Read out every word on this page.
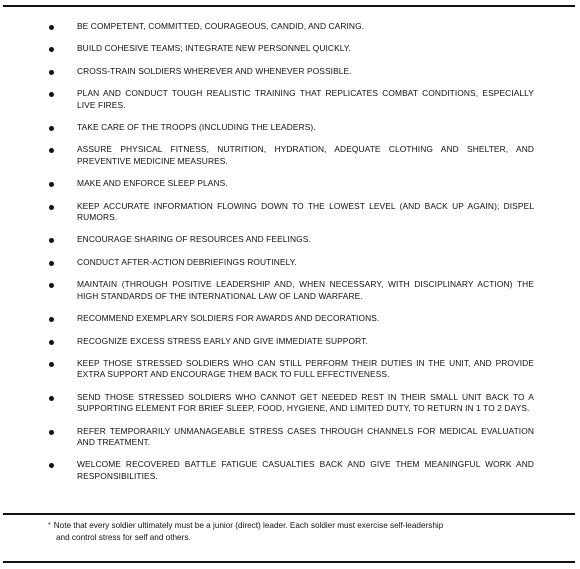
BE COMPETENT, COMMITTED, COURAGEOUS, CANDID, AND CARING.
BUILD COHESIVE TEAMS; INTEGRATE NEW PERSONNEL QUICKLY.
CROSS-TRAIN SOLDIERS WHEREVER AND WHENEVER POSSIBLE.
PLAN AND CONDUCT TOUGH REALISTIC TRAINING THAT REPLICATES COMBAT CONDITIONS, ESPECIALLY LIVE FIRES.
TAKE CARE OF THE TROOPS (INCLUDING THE LEADERS).
ASSURE PHYSICAL FITNESS, NUTRITION, HYDRATION, ADEQUATE CLOTHING AND SHELTER, AND PREVENTIVE MEDICINE MEASURES.
MAKE AND ENFORCE SLEEP PLANS.
KEEP ACCURATE INFORMATION FLOWING DOWN TO THE LOWEST LEVEL (AND BACK UP AGAIN); DISPEL RUMORS.
ENCOURAGE SHARING OF RESOURCES AND FEELINGS.
CONDUCT AFTER-ACTION DEBRIEFINGS ROUTINELY.
MAINTAIN (THROUGH POSITIVE LEADERSHIP AND, WHEN NECESSARY, WITH DISCIPLINARY ACTION) THE HIGH STANDARDS OF THE INTERNATIONAL LAW OF LAND WARFARE.
RECOMMEND EXEMPLARY SOLDIERS FOR AWARDS AND DECORATIONS.
RECOGNIZE EXCESS STRESS EARLY AND GIVE IMMEDIATE SUPPORT.
KEEP THOSE STRESSED SOLDIERS WHO CAN STILL PERFORM THEIR DUTIES IN THE UNIT, AND PROVIDE EXTRA SUPPORT AND ENCOURAGE THEM BACK TO FULL EFFECTIVENESS.
SEND THOSE STRESSED SOLDIERS WHO CANNOT GET NEEDED REST IN THEIR SMALL UNIT BACK TO A SUPPORTING ELEMENT FOR BRIEF SLEEP, FOOD, HYGIENE, AND LIMITED DUTY, TO RETURN IN 1 TO 2 DAYS.
REFER TEMPORARILY UNMANAGEABLE STRESS CASES THROUGH CHANNELS FOR MEDICAL EVALUATION AND TREATMENT.
WELCOME RECOVERED BATTLE FATIGUE CASUALTIES BACK AND GIVE THEM MEANINGFUL WORK AND RESPONSIBILITIES.
* Note that every soldier ultimately must be a junior (direct) leader. Each soldier must exercise self-leadership
and control stress for self and others.
